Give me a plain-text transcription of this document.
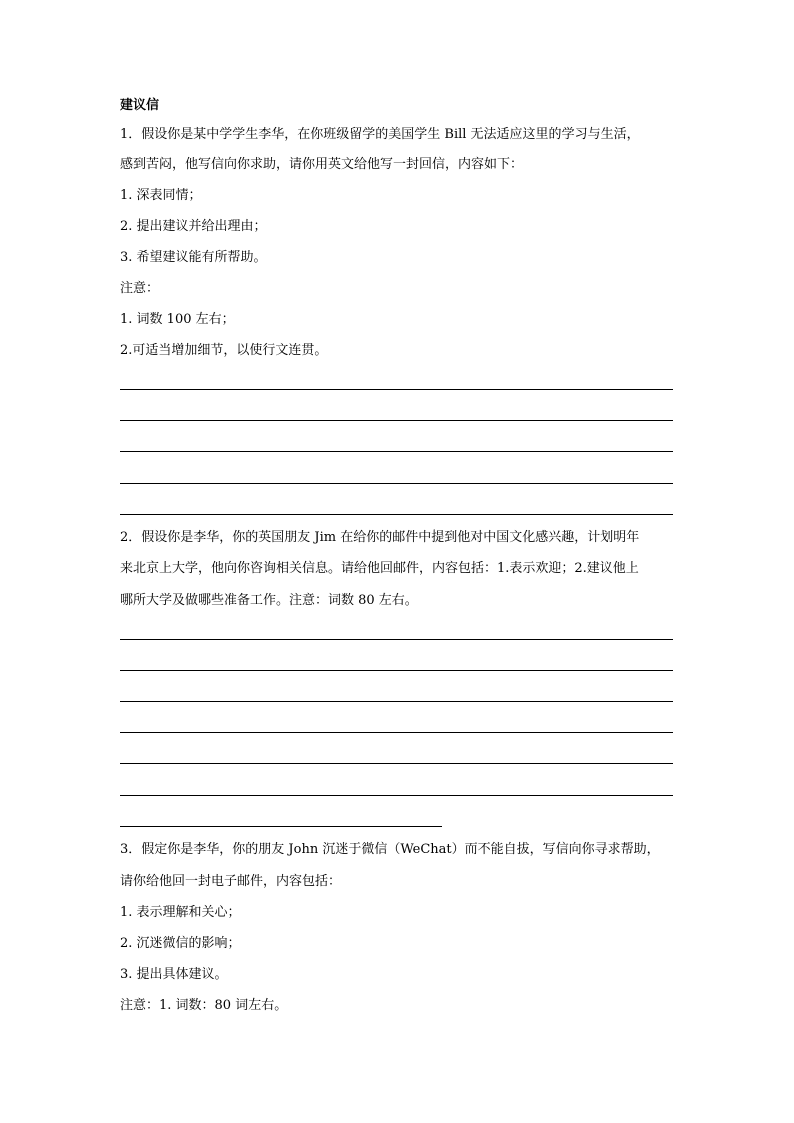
建议信
1．假设你是某中学学生李华，在你班级留学的美国学生 Bill 无法适应这里的学习与生活，
感到苦闷，他写信向你求助，请你用英文给他写一封回信，内容如下：
1. 深表同情；
2. 提出建议并给出理由；
3. 希望建议能有所帮助。
注意：
1. 词数 100 左右；
2.可适当增加细节，以使行文连贯。
2．假设你是李华，你的英国朋友 Jim 在给你的邮件中提到他对中国文化感兴趣，计划明年
来北京上大学，他向你咨询相关信息。请给他回邮件，内容包括：1.表示欢迎；2.建议他上
哪所大学及做哪些准备工作。注意：词数 80 左右。
3．假定你是李华，你的朋友 John 沉迷于微信（WeChat）而不能自拔，写信向你寻求帮助，
请你给他回一封电子邮件，内容包括：
1. 表示理解和关心；
2. 沉迷微信的影响；
3. 提出具体建议。
注意：1. 词数：80 词左右。
